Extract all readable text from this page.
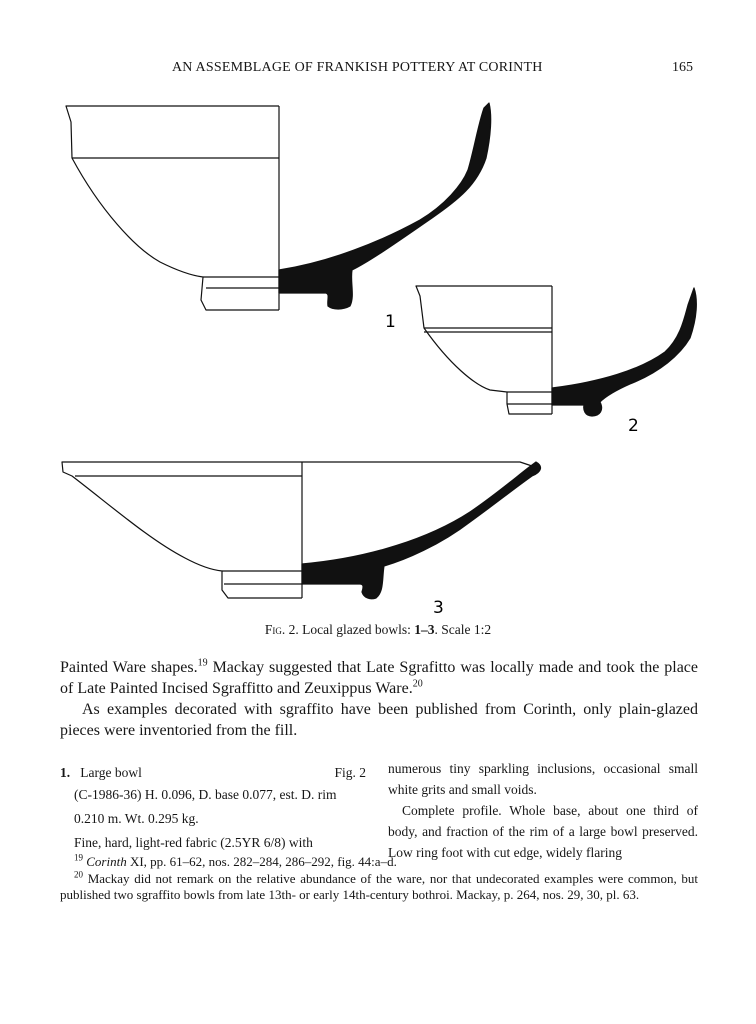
AN ASSEMBLAGE OF FRANKISH POTTERY AT CORINTH	165
1
2
3
Fig. 2. Local glazed bowls: 1–3. Scale 1:2

Painted Ware shapes.$^{19}$ Mackay suggested that Late Sgrafitto was locally made and took the place of Late Painted Incised Sgraffitto and Zeuxippus Ware.$^{20}$

As examples decorated with sgraffito have been published from Corinth, only plain-glazed pieces were inventoried from the fill.

1. Large bowl	Fig. 2

(C-1986-36) H. 0.096, D. base 0.077, est. D. rim 0.210 m. Wt. 0.295 kg.

Fine, hard, light-red fabric (2.5YR 6/8) with

numerous tiny sparkling inclusions, occasional small white grits and small voids.

Complete profile. Whole base, about one third of body, and fraction of the rim of a large bowl preserved. Low ring foot with cut edge, widely flaring

$^{19}$ Corinth XI, pp. 61–62, nos. 282–284, 286–292, fig. 44:a–d.

$^{20}$ Mackay did not remark on the relative abundance of the ware, nor that undecorated examples were common, but published two sgraffito bowls from late 13th- or early 14th-century bothroi. Mackay, p. 264, nos. 29, 30, pl. 63.
